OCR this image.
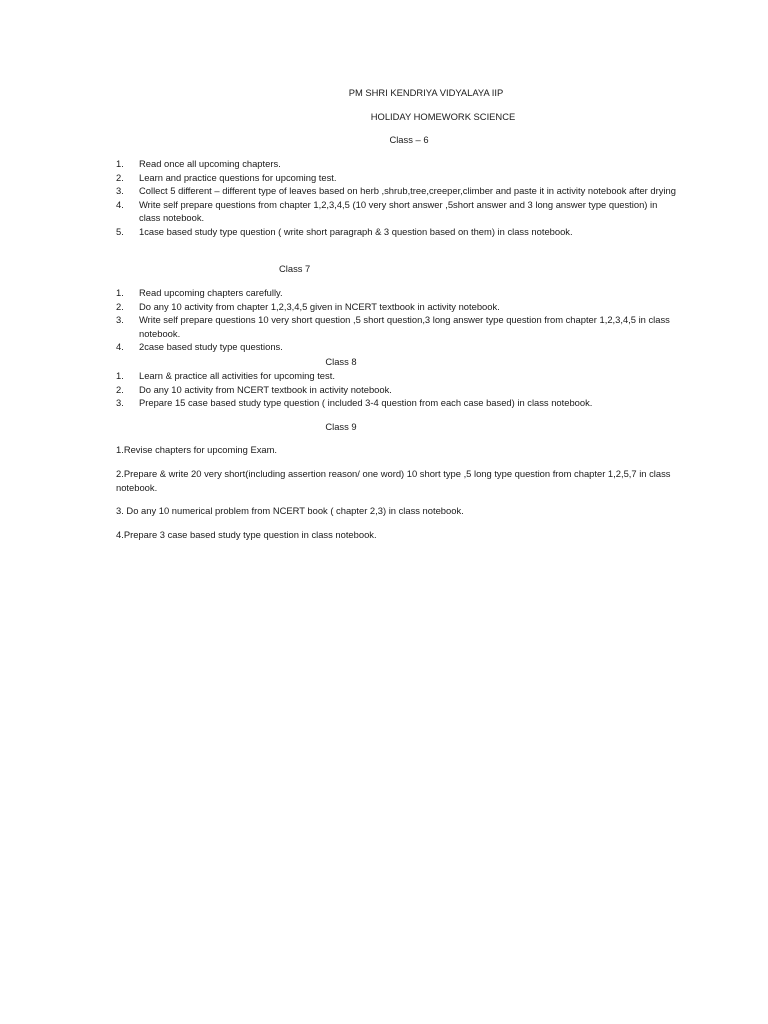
PM SHRI KENDRIYA VIDYALAYA IIP
HOLIDAY HOMEWORK SCIENCE
Class – 6
1. Read once all upcoming chapters.
2. Learn and practice questions for upcoming test.
3. Collect 5 different – different type of leaves based on herb ,shrub,tree,creeper,climber and paste it in activity notebook after drying
4. Write self prepare questions from chapter 1,2,3,4,5 (10 very short answer ,5short answer and 3 long answer type question) in class notebook.
5. 1case based study type question ( write short paragraph & 3 question based on them) in class notebook.
Class 7
1. Read upcoming chapters carefully.
2. Do any 10 activity from chapter 1,2,3,4,5 given in NCERT textbook in activity notebook.
3. Write self prepare questions 10 very short question ,5 short question,3 long answer type question from chapter 1,2,3,4,5 in class notebook.
4. 2case based study type questions.
Class 8
1. Learn & practice all activities for upcoming test.
2. Do any 10 activity from NCERT textbook in activity notebook.
3. Prepare 15 case based study type question ( included 3-4 question from each case based) in class notebook.
Class 9

1.Revise chapters for upcoming Exam.

2.Prepare & write 20 very short(including assertion reason/ one word) 10 short type ,5 long type question from chapter 1,2,5,7 in class notebook.

3. Do any 10 numerical problem from NCERT book ( chapter 2,3) in class notebook.

4.Prepare 3 case based study type question in class notebook.
